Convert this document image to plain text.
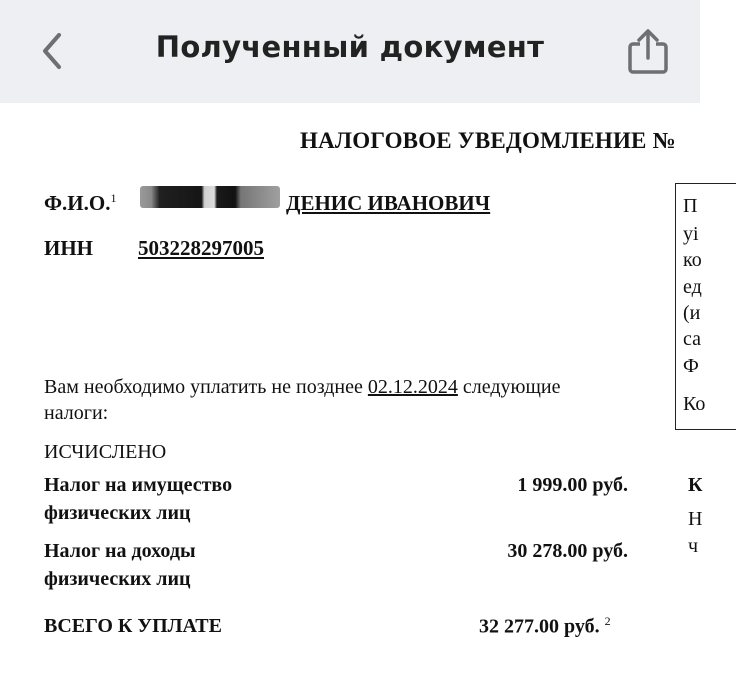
Полученный документ
НАЛОГОВОЕ УВЕДОМЛЕНИЕ №
Ф.И.О.$^1$	ДЕНИС ИВАНОВИЧ
ИНН 503228297005
Вам необходимо уплатить не позднее 02.12.2024 следующие
налоги:
ИСЧИСЛЕНО
Налог на имущество
физических лиц
1 999.00 руб.
Налог на доходы
физических лиц
30 278.00 руб.
ВСЕГО К УПЛАТЕ	32 277.00 руб. $^2$
П
уі
ко
ед
(и
са
Ф
Ко
К
Н
ч
